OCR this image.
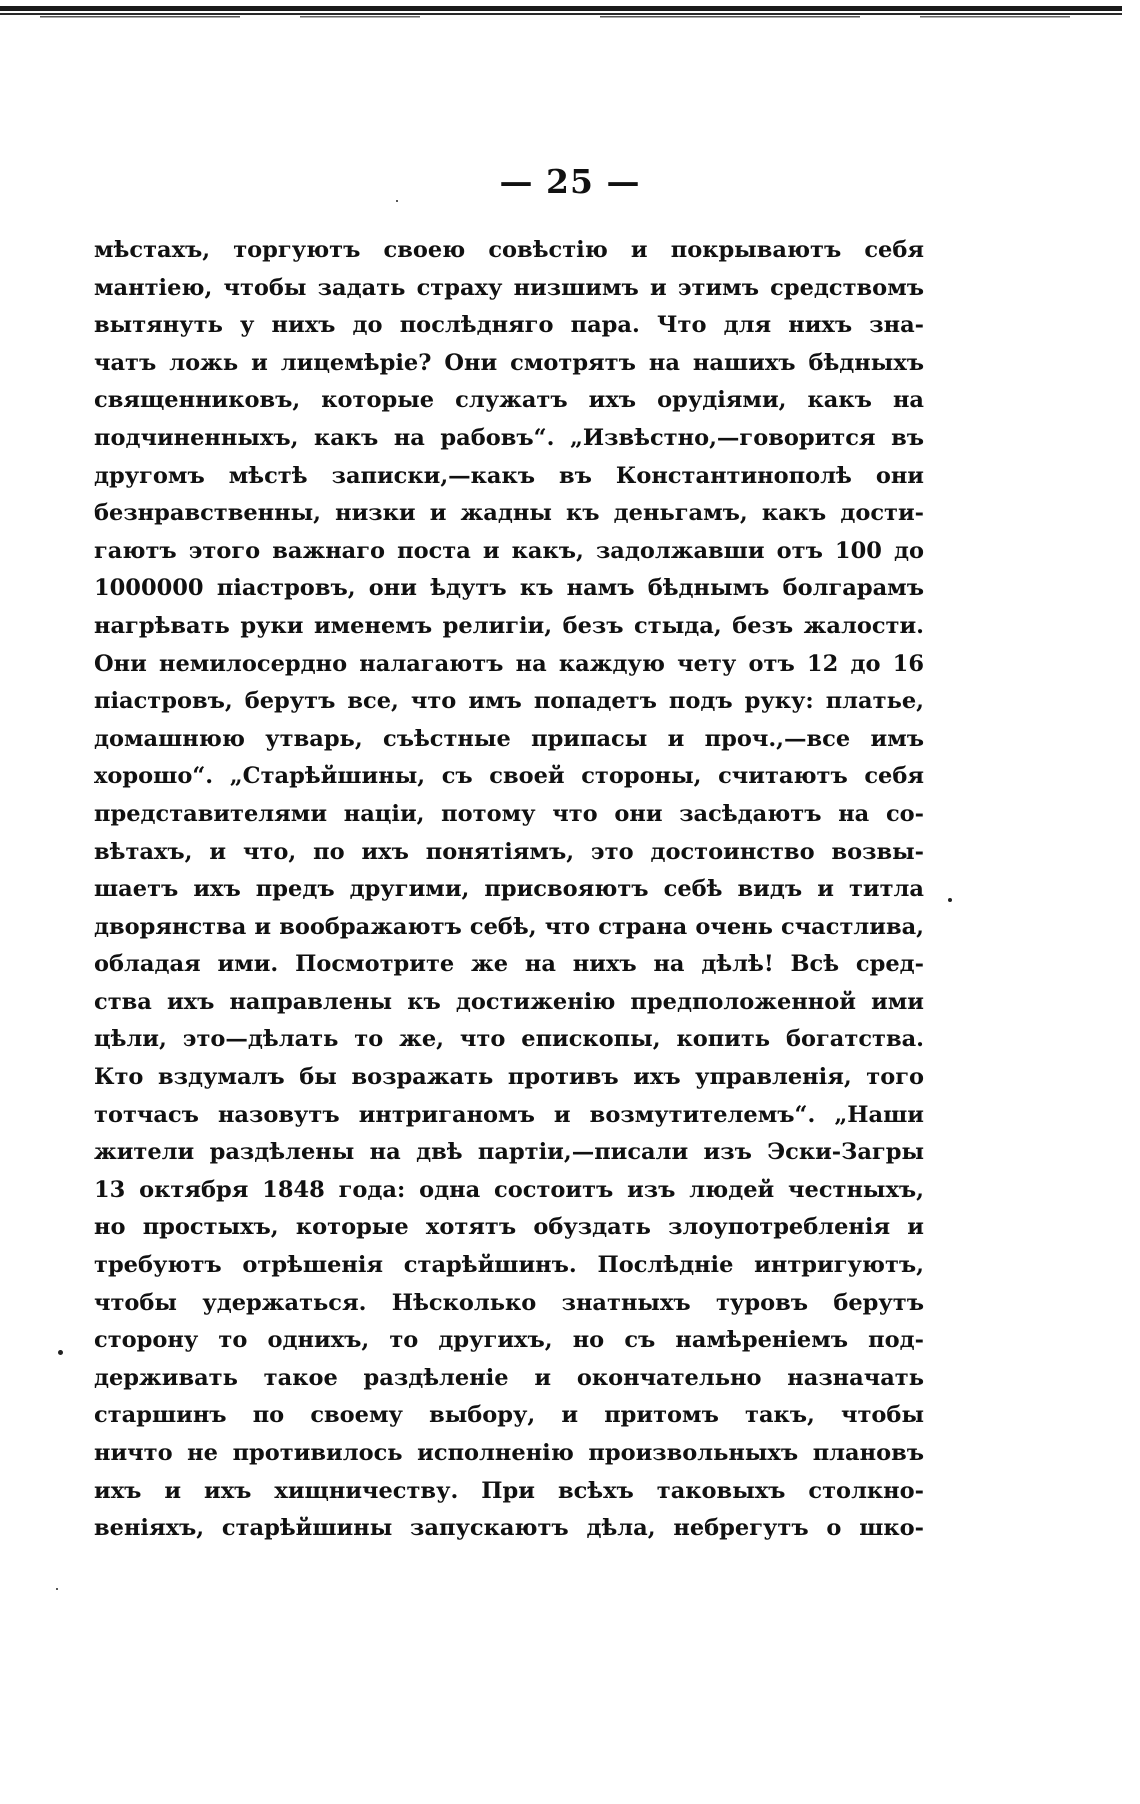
— 25 —
мѣстахъ, торгуютъ своею совѣстію и покрываютъ себя
мантіею, чтобы задать страху низшимъ и этимъ средствомъ
вытянуть у нихъ до послѣдняго пара. Что для нихъ зна-
чатъ ложь и лицемѣріе? Они смотрятъ на нашихъ бѣдныхъ
священниковъ, которые служатъ ихъ орудіями, какъ на
подчиненныхъ, какъ на рабовъ“. „Извѣстно,—говорится въ
другомъ мѣстѣ записки,—какъ въ Константинополѣ они
безнравственны, низки и жадны къ деньгамъ, какъ дости-
гаютъ этого важнаго поста и какъ, задолжавши отъ 100 до
1000000 піастровъ, они ѣдутъ къ намъ бѣднымъ болгарамъ
нагрѣвать руки именемъ религіи, безъ стыда, безъ жалости.
Они немилосердно налагаютъ на каждую чету отъ 12 до 16
піастровъ, берутъ все, что имъ попадетъ подъ руку: платье,
домашнюю утварь, съѣстные припасы и проч.,—все имъ
хорошо“. „Старѣйшины, съ своей стороны, считаютъ себя
представителями націи, потому что они засѣдаютъ на со-
вѣтахъ, и что, по ихъ понятіямъ, это достоинство возвы-
шаетъ ихъ предъ другими, присвояютъ себѣ видъ и титла
дворянства и воображаютъ себѣ, что страна очень счастлива,
обладая ими. Посмотрите же на нихъ на дѣлѣ! Всѣ сред-
ства ихъ направлены къ достиженію предположенной ими
цѣли, это—дѣлать то же, что епископы, копить богатства.
Кто вздумалъ бы возражать противъ ихъ управленія, того
тотчасъ назовутъ интриганомъ и возмутителемъ“. „Наши
жители раздѣлены на двѣ партіи,—писали изъ Эски-Загры
13 октября 1848 года: одна состоитъ изъ людей честныхъ,
но простыхъ, которые хотятъ обуздать злоупотребленія и
требуютъ отрѣшенія старѣйшинъ. Послѣдніе интригуютъ,
чтобы удержаться. Нѣсколько знатныхъ туровъ берутъ
сторону то однихъ, то другихъ, но съ намѣреніемъ под-
держивать такое раздѣленіе и окончательно назначать
старшинъ по своему выбору, и притомъ такъ, чтобы
ничто не противилось исполненію произвольныхъ плановъ
ихъ и ихъ хищничеству. При всѣхъ таковыхъ столкно-
веніяхъ, старѣйшины запускаютъ дѣла, небрегутъ о шко-
